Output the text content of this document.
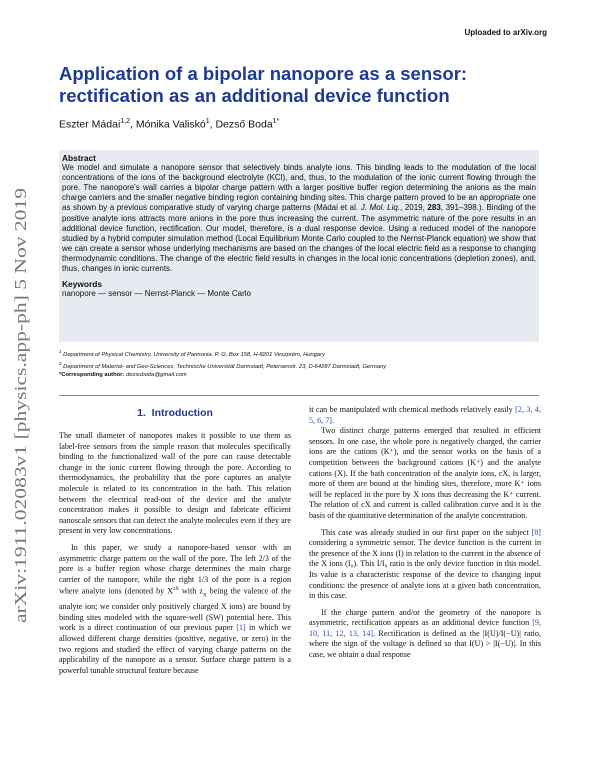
Uploaded to arXiv.org
arXiv:1911.02083v1 [physics.app-ph] 5 Nov 2019
Application of a bipolar nanopore as a sensor: rectification as an additional device function
Eszter Mádai$^{1,2}$, Mónika Valiskó$^1$, Dezső Boda$^{1*}$
Abstract
We model and simulate a nanopore sensor that selectively binds analyte ions. This binding leads to the modulation of the local concentrations of the ions of the background electrolyte (KCl), and, thus, to the modulation of the ionic current flowing through the pore. The nanopore's wall carries a bipolar charge pattern with a larger positive buffer region determining the anions as the main charge carriers and the smaller negative binding region containing binding sites. This charge pattern proved to be an appropriate one as shown by a previous comparative study of varying charge patterns (Mádai et al. J. Mol. Liq., 2019, 283, 391–398.). Binding of the positive analyte ions attracts more anions in the pore thus increasing the current. The asymmetric nature of the pore results in an additional device function, rectification. Our model, therefore, is a dual response device. Using a reduced model of the nanopore studied by a hybrid computer simulation method (Local Equilibrium Monte Carlo coupled to the Nernst-Planck equation) we show that we can create a sensor whose underlying mechanisms are based on the changes of the local electric field as a response to changing thermodynamic conditions. The change of the electric field results in changes in the local ionic concentrations (depletion zones), and, thus, changes in ionic currents.
Keywords
nanopore — sensor — Nernst-Planck — Monte Carlo
$^1$ Department of Physical Chemistry, University of Pannonia, P. O. Box 158, H-8201 Veszprém, Hungary
$^2$ Department of Material- and Geo-Sciences, Technische Universität Darmstadt, Petersenstr. 23, D-64287 Darmstadt, Germany
*Corresponding author: dezsoboda@gmail.com
1. Introduction

The small diameter of nanopores makes it possible to use them as label-free sensors from the simple reason that molecules specifically binding to the functionalized wall of the pore can cause detectable change in the ionic current flowing through the pore. According to thermodynamics, the probability that the pore captures an analyte molecule is related to its concentration in the bath. This relation between the electrical read-out of the device and the analyte concentration makes it possible to design and fabricate efficient nanoscale sensors that can detect the analyte molecules even if they are present in very low concentrations.

In this paper, we study a nanopore-based sensor with an asymmetric charge pattern on the wall of the pore. The left 2/3 of the pore is a buffer region whose charge determines the main charge carrier of the nanopore, while the right 1/3 of the pore is a region where analyte ions (denoted by $X^{zX}$ with $z_X$ being the valence of the analyte ion; we consider only positively charged X ions) are bound by binding sites modeled with the square-well (SW) potential here. This work is a direct continuation of our previous paper [1] in which we allowed different charge densities (positive, negative, or zero) in the two regions and studied the effect of varying charge patterns on the applicability of the nanopore as a sensor. Surface charge pattern is a powerful tunable structural feature because

it can be manipulated with chemical methods relatively easily [2, 3, 4, 5, 6, 7].

Two distinct charge patterns emerged that resulted in efficient sensors. In one case, the whole pore is negatively charged, the carrier ions are the cations (K⁺), and the sensor works on the basis of a competition between the background cations (K⁺) and the analyte cations (X). If the bath concentration of the analyte ions, cX, is larger, more of them are bound at the binding sites, therefore, more K⁺ ions will be replaced in the pore by X ions thus decreasing the K⁺ current. The relation of cX and current is called calibration curve and it is the basis of the quantitative determination of the analyte concentration.

This case was already studied in our first paper on the subject [8] considering a symmetric sensor. The device function is the current in the presence of the X ions (I) in relation to the current in the absence of the X ions (I₀). This I/I₀ ratio is the only device function in this model. Its value is a characteristic response of the device to changing input conditions: the presence of analyte ions at a given bath concentration, in this case.

If the charge pattern and/or the geometry of the nanopore is asymmetric, rectification appears as an additional device function [9, 10, 11, 12, 13, 14]. Rectification is defined as the |I(U)/I(−U)| ratio, where the sign of the voltage is defined so that I(U) > |I(−U)|. In this case, we obtain a dual response
